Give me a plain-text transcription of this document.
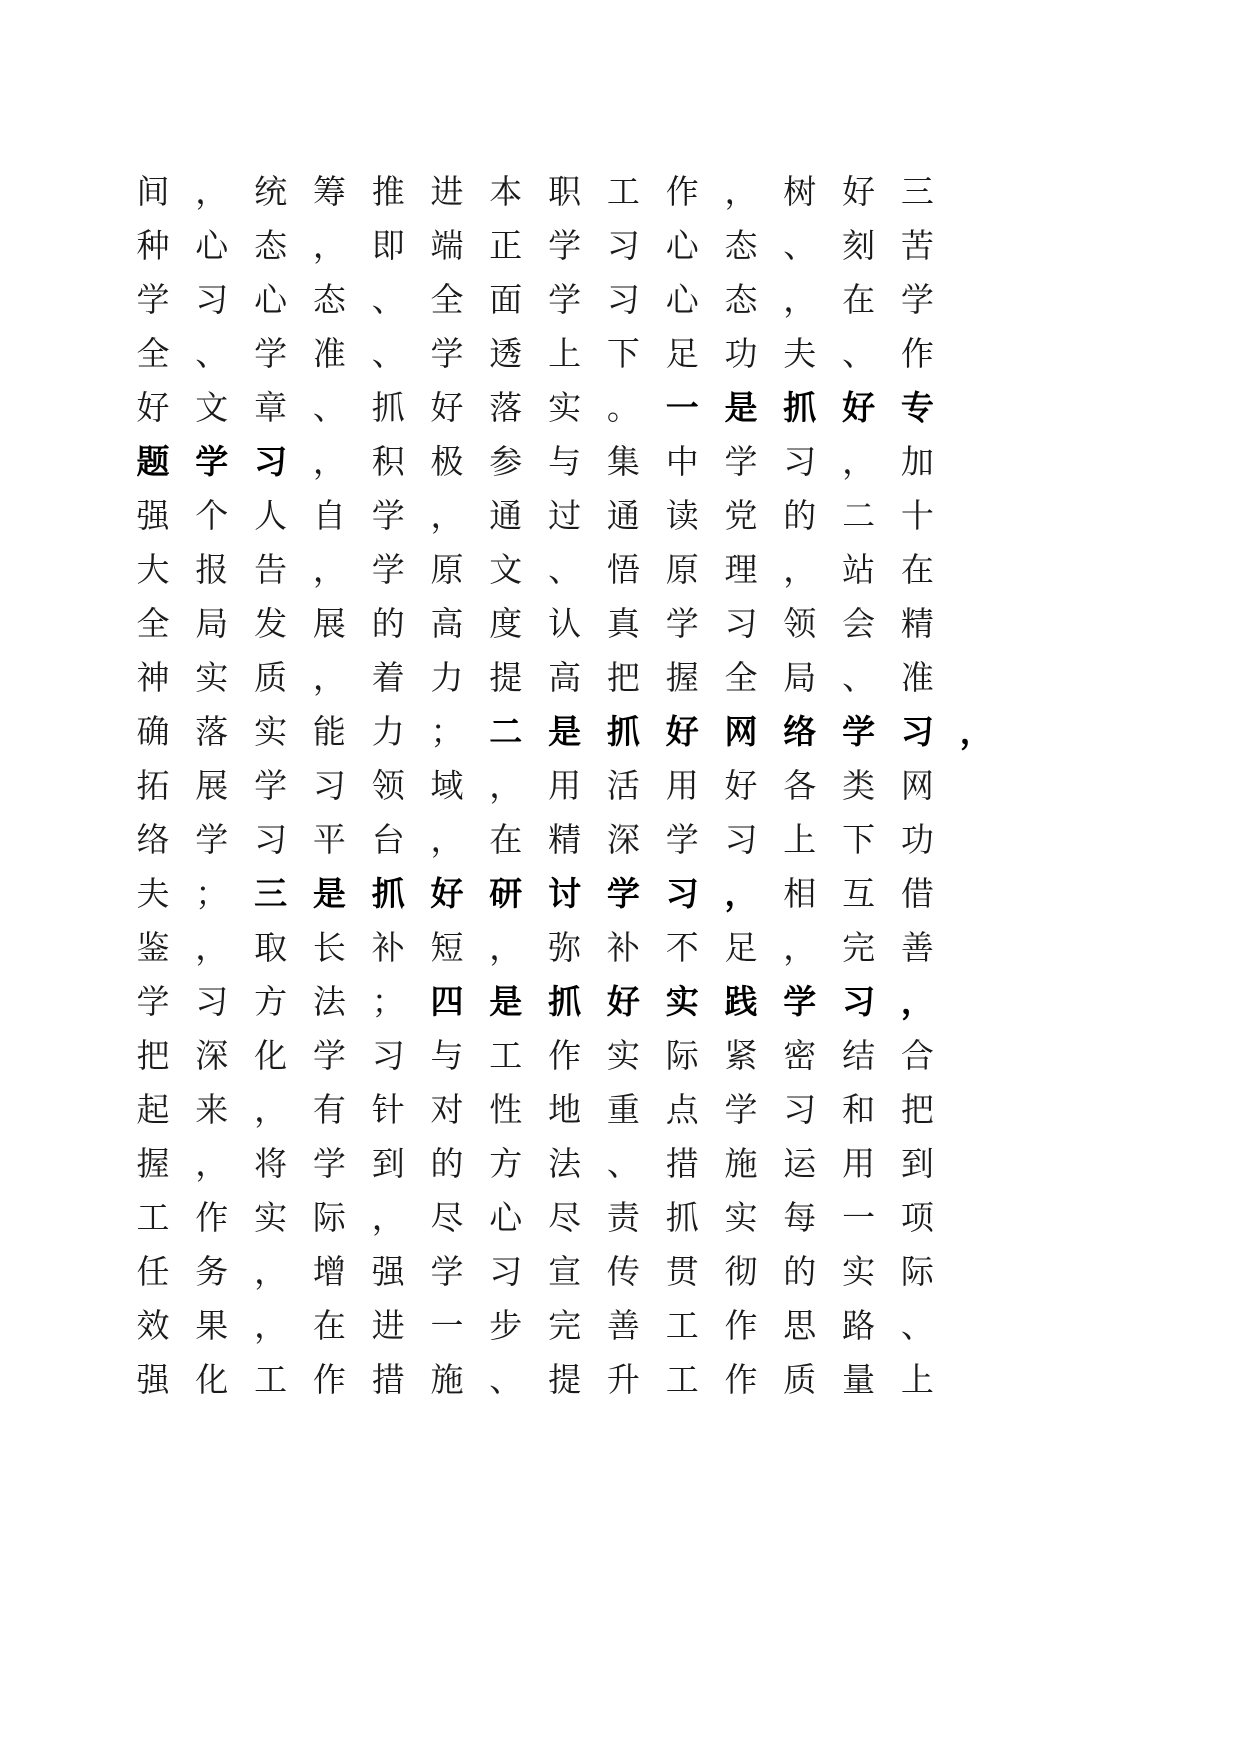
间 ， 统 筹 推 进 本 职 工 作 ， 树 好 三
种 心 态 ， 即 端 正 学 习 心 态 、 刻 苦
学 习 心 态 、 全 面 学 习 心 态 ， 在 学
全 、 学 准 、 学 透 上 下 足 功 夫 、 作
好 文 章 、 抓 好 落 实 。 一 是 抓 好 专
题 学 习 ， 积 极 参 与 集 中 学 习 ， 加
强 个 人 自 学 ， 通 过 通 读 党 的 二 十
大 报 告 ， 学 原 文 、 悟 原 理 ， 站 在
全 局 发 展 的 高 度 认 真 学 习 领 会 精
神 实 质 ， 着 力 提 高 把 握 全 局 、 准
确 落 实 能 力 ； 二 是 抓 好 网 络 学 习 ，
拓 展 学 习 领 域 ， 用 活 用 好 各 类 网
络 学 习 平 台 ， 在 精 深 学 习 上 下 功
夫 ； 三 是 抓 好 研 讨 学 习 ， 相 互 借
鉴 ， 取 长 补 短 ， 弥 补 不 足 ， 完 善
学 习 方 法 ； 四 是 抓 好 实 践 学 习 ，
把 深 化 学 习 与 工 作 实 际 紧 密 结 合
起 来 ， 有 针 对 性 地 重 点 学 习 和 把
握 ， 将 学 到 的 方 法 、 措 施 运 用 到
工 作 实 际 ， 尽 心 尽 责 抓 实 每 一 项
任 务 ， 增 强 学 习 宣 传 贯 彻 的 实 际
效 果 ， 在 进 一 步 完 善 工 作 思 路 、
强 化 工 作 措 施 、 提 升 工 作 质 量 上
